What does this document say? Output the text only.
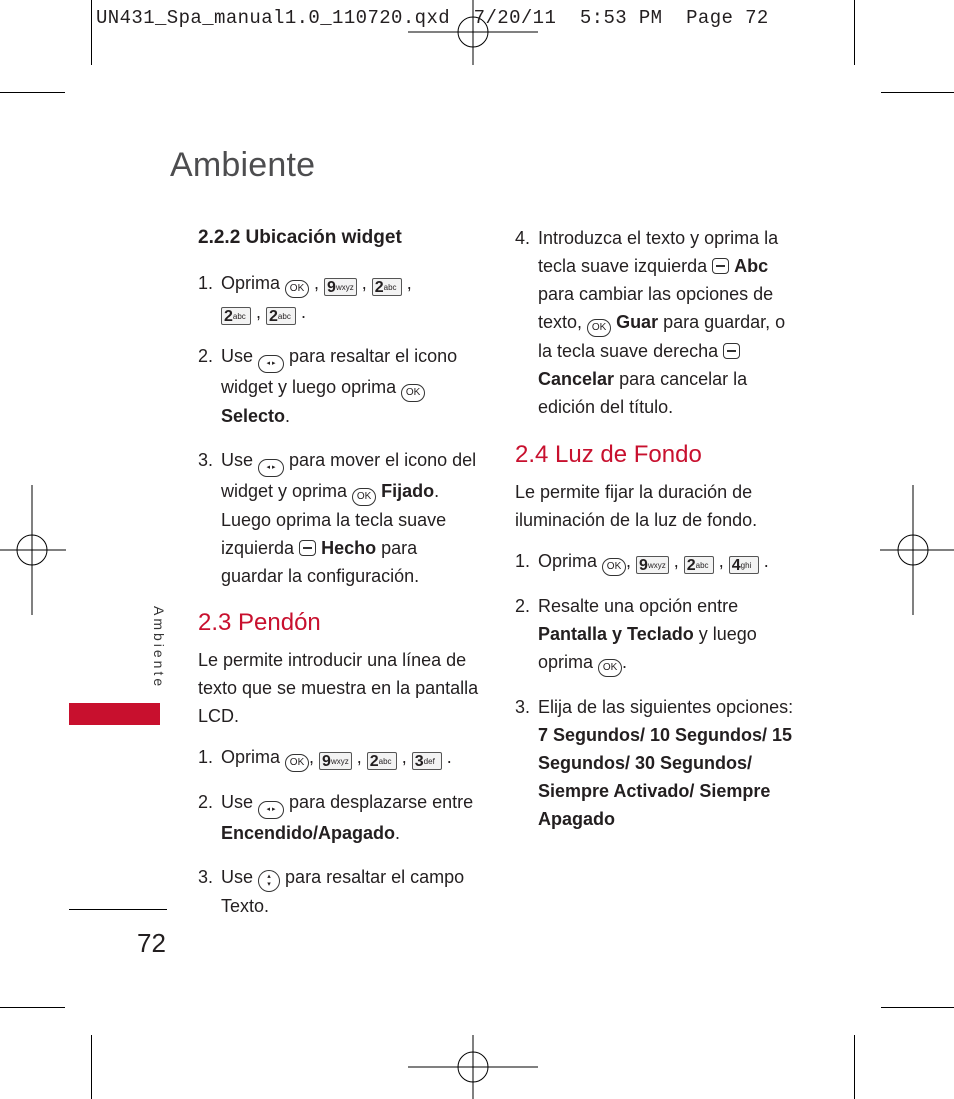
UN431_Spa_manual1.0_110720.qxd  7/20/11  5:53 PM  Page 72
Ambiente
Ambiente
72

2.2.2 Ubicación widget

1. Oprima OK , $9^{wxyz}$ , $2^{abc}$ ,
$2^{abc}$ , $2^{abc}$ .
2. Use ◂ ▸ para resaltar el icono widget y luego oprima OK
Selecto.
3. Use ◂ ▸ para mover el icono del widget y oprima OK Fijado. Luego oprima la tecla suave izquierda Hecho para guardar la configuración.

2.3 Pendón

Le permite introducir una línea de texto que se muestra en la pantalla LCD.

1. Oprima OK , $9^{wxyz}$ , $2^{abc}$ , $3^{def}$ .
2. Use ◂ ▸ para desplazarse entre Encendido/Apagado.
3. Use ▴
▾ para resaltar el campo Texto.
4. Introduzca el texto y oprima la tecla suave izquierda Abc para cambiar las opciones de texto, OK Guar para guardar, o la tecla suave derecha  Cancelar para cancelar la edición del título.

2.4 Luz de Fondo

Le permite fijar la duración de iluminación de la luz de fondo.

1. Oprima OK , $9^{wxyz}$ , $2^{abc}$ , $4^{ghi}$ .
2. Resalte una opción entre
Pantalla y Teclado y luego oprima OK .
3. Elija de las siguientes opciones:
7 Segundos/ 10 Segundos/ 15 Segundos/ 30 Segundos/ Siempre Activado/ Siempre Apagado
